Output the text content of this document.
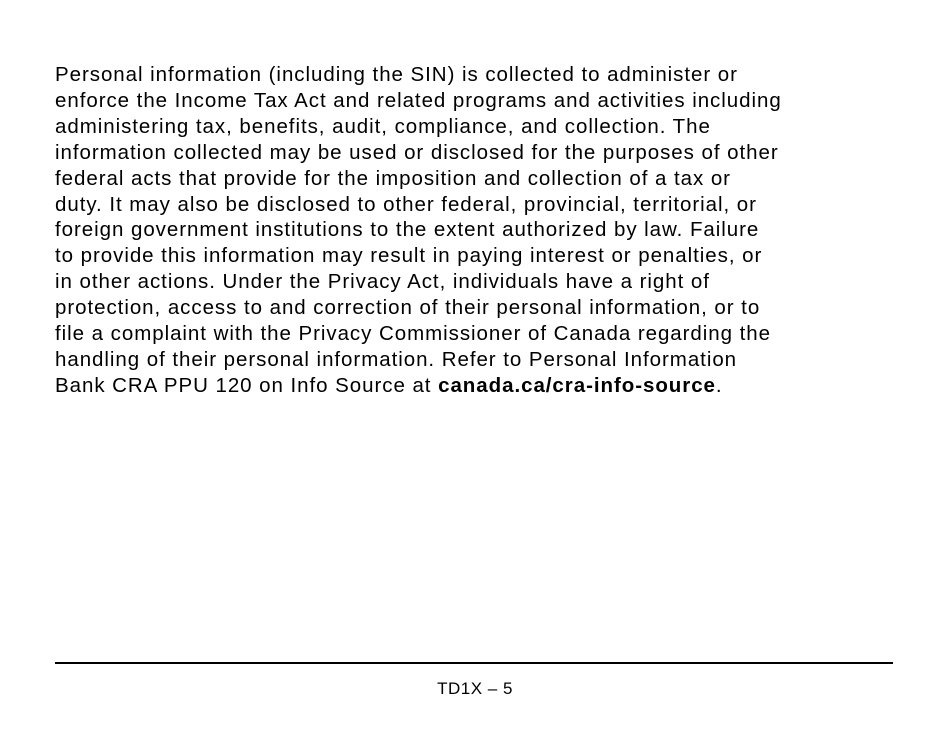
Personal information (including the SIN) is collected to administer or
enforce the Income Tax Act and related programs and activities including
administering tax, benefits, audit, compliance, and collection. The
information collected may be used or disclosed for the purposes of other
federal acts that provide for the imposition and collection of a tax or
duty. It may also be disclosed to other federal, provincial, territorial, or
foreign government institutions to the extent authorized by law. Failure
to provide this information may result in paying interest or penalties, or
in other actions. Under the Privacy Act, individuals have a right of
protection, access to and correction of their personal information, or to
file a complaint with the Privacy Commissioner of Canada regarding the
handling of their personal information. Refer to Personal Information
Bank CRA PPU 120 on Info Source at canada.ca/cra-info-source.

TD1X – 5
